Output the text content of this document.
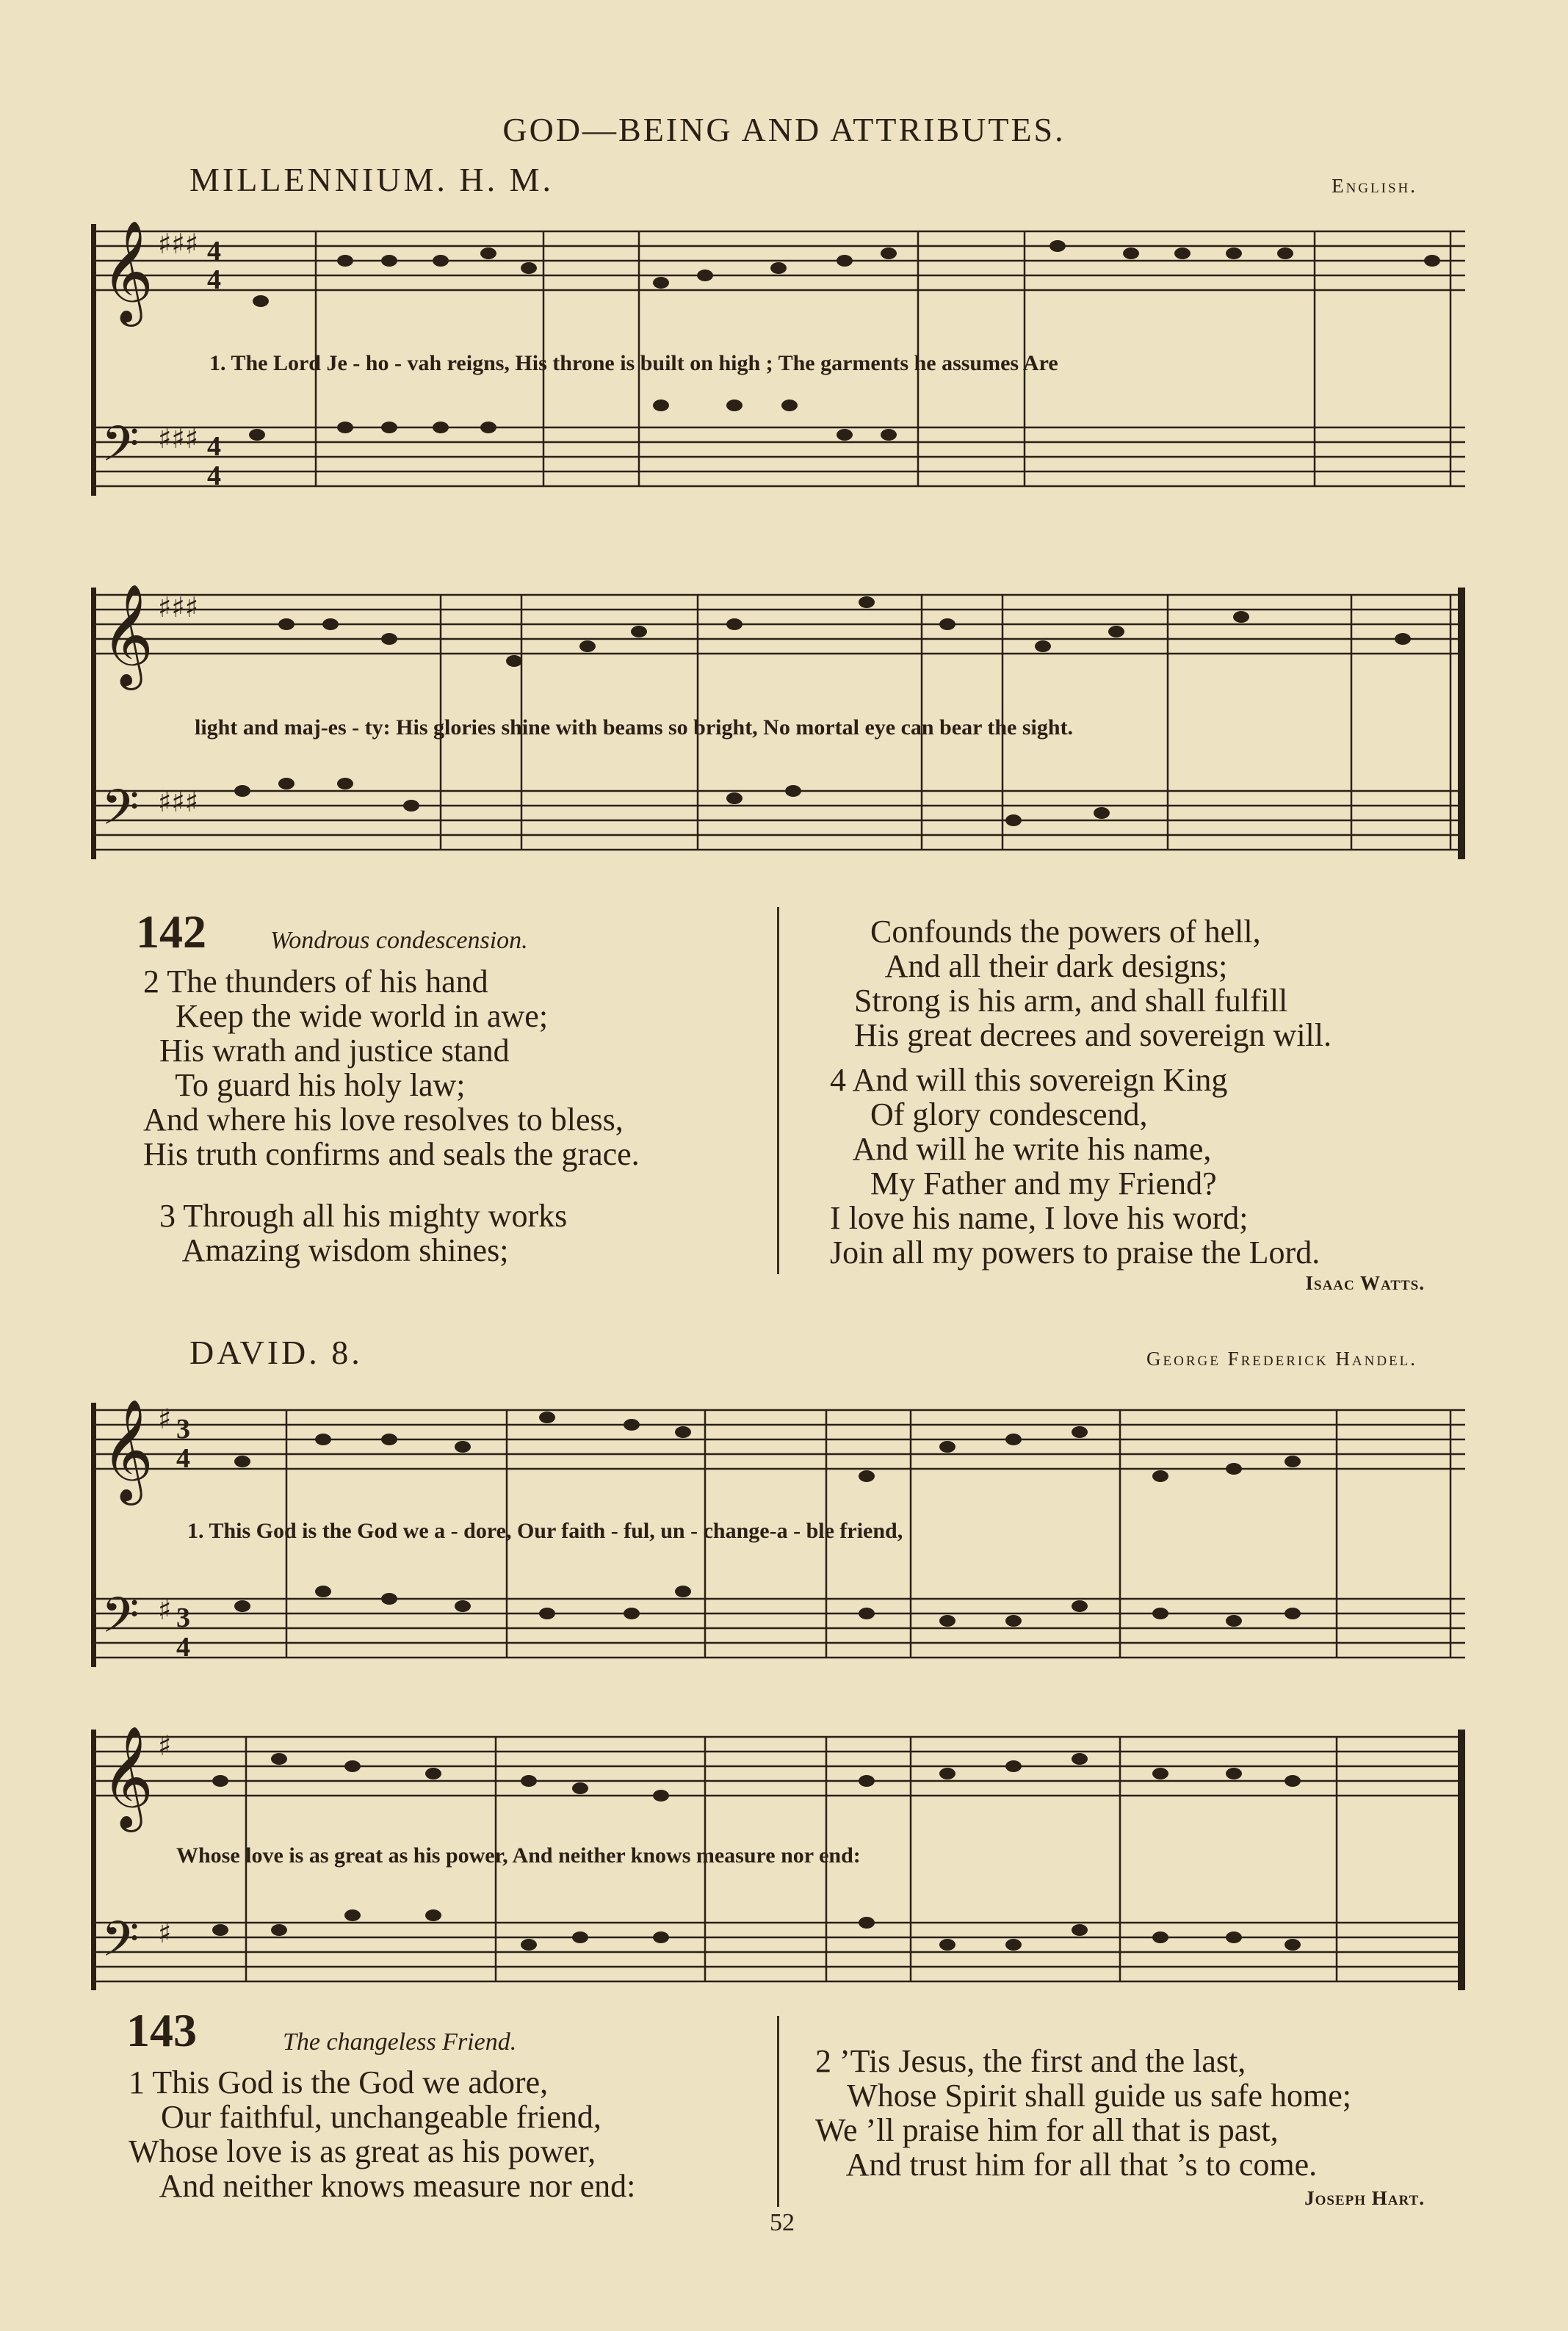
GOD—BEING AND ATTRIBUTES.
MILLENNIUM. H. M.	English.
𝄞
𝄢
𝄞
𝄢
𝄞
𝄢
𝄞
𝄢
♯♯♯
♯♯♯
♯♯♯
♯♯♯
♯
♯
♯
♯
4
4
4
4
3
4
3
4
1. The Lord Je - ho - vah reigns, His throne is built on high ; The garments he assumes Are
light and maj-es - ty: His glories shine with beams so bright, No mortal eye can bear the sight.
142	Wondrous condescension.
2 The thunders of his hand
Keep the wide world in awe;
His wrath and justice stand
To guard his holy law;
And where his love resolves to bless,
His truth confirms and seals the grace.
3 Through all his mighty works
Amazing wisdom shines;
Confounds the powers of hell,
And all their dark designs;
Strong is his arm, and shall fulfill
His great decrees and sovereign will.
4 And will this sovereign King
Of glory condescend,
And will he write his name,
My Father and my Friend?
I love his name, I love his word;
Join all my powers to praise the Lord.
Isaac Watts.
DAVID. 8.	George Frederick Handel.
1. This God is the God we a - dore, Our faith - ful, un - change-a - ble friend,
Whose love is as great as his power, And neither knows measure nor end:
143	The changeless Friend.
1 This God is the God we adore,
Our faithful, unchangeable friend,
Whose love is as great as his power,
And neither knows measure nor end:
2 ’Tis Jesus, the first and the last,
Whose Spirit shall guide us safe home;
We ’ll praise him for all that is past,
And trust him for all that ’s to come.
Joseph Hart.
52
